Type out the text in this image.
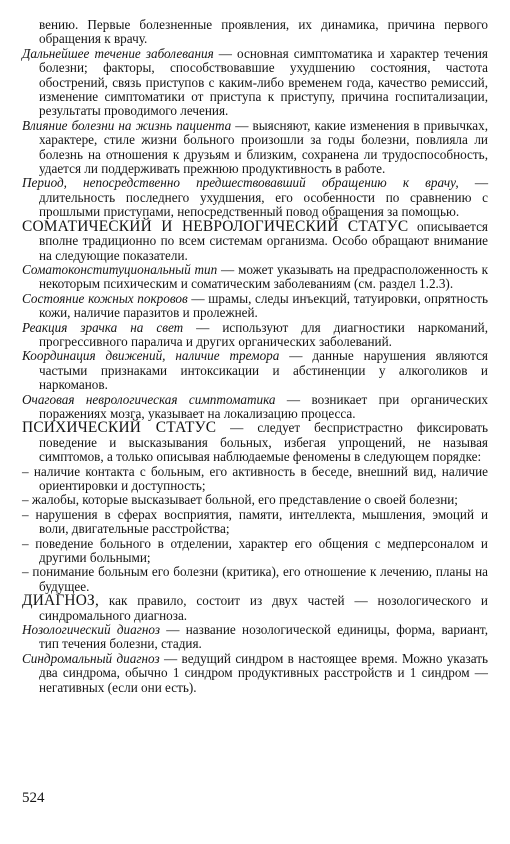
вению. Первые болезненные проявления, их динамика, причина первого обращения к врачу.

Дальнейшее течение заболевания — основная симптоматика и характер течения болезни; факторы, способствовавшие ухудшению состояния, частота обострений, связь приступов с каким-либо временем года, качество ремиссий, изменение симптоматики от приступа к приступу, причина госпитализации, результаты проводимого лечения.

Влияние болезни на жизнь пациента — выясняют, какие изменения в привычках, характере, стиле жизни больного произошли за годы болезни, повлияла ли болезнь на отношения к друзьям и близким, сохранена ли трудоспособность, удается ли поддерживать прежнюю продуктивность в работе.

Период, непосредственно предшествовавший обращению к врачу, — длительность последнего ухудшения, его особенности по сравнению с прошлыми приступами, непосредственный повод обращения за помощью.

СОМАТИЧЕСКИЙ И НЕВРОЛОГИЧЕСКИЙ СТАТУС описывается вполне традиционно по всем системам организма. Особо обращают внимание на следующие показатели.

Соматоконституциональный тип — может указывать на предрасположенность к некоторым психическим и соматическим заболеваниям (см. раздел 1.2.3).

Состояние кожных покровов — шрамы, следы инъекций, татуировки, опрятность кожи, наличие паразитов и пролежней.

Реакция зрачка на свет — используют для диагностики наркоманий, прогрессивного паралича и других органических заболеваний.

Координация движений, наличие тремора — данные нарушения являются частыми признаками интоксикации и абстиненции у алкоголиков и наркоманов.

Очаговая неврологическая симптоматика — возникает при органических поражениях мозга, указывает на локализацию процесса.

ПСИХИЧЕСКИЙ СТАТУС — следует беспристрастно фиксировать поведение и высказывания больных, избегая упрощений, не называя симптомов, а только описывая наблюдаемые феномены в следующем порядке:

– наличие контакта с больным, его активность в беседе, внешний вид, наличие ориентировки и доступность;

– жалобы, которые высказывает больной, его представление о своей болезни;

– нарушения в сферах восприятия, памяти, интеллекта, мышления, эмоций и воли, двигательные расстройства;

– поведение больного в отделении, характер его общения с медперсоналом и другими больными;

– понимание больным его болезни (критика), его отношение к лечению, планы на будущее.

ДИАГНОЗ, как правило, состоит из двух частей — нозологического и синдромального диагноза.

Нозологический диагноз — название нозологической единицы, форма, вариант, тип течения болезни, стадия.

Синдромальный диагноз — ведущий синдром в настоящее время. Можно указать два синдрома, обычно 1 синдром продуктивных расстройств и 1 синдром — негативных (если они есть).

524
